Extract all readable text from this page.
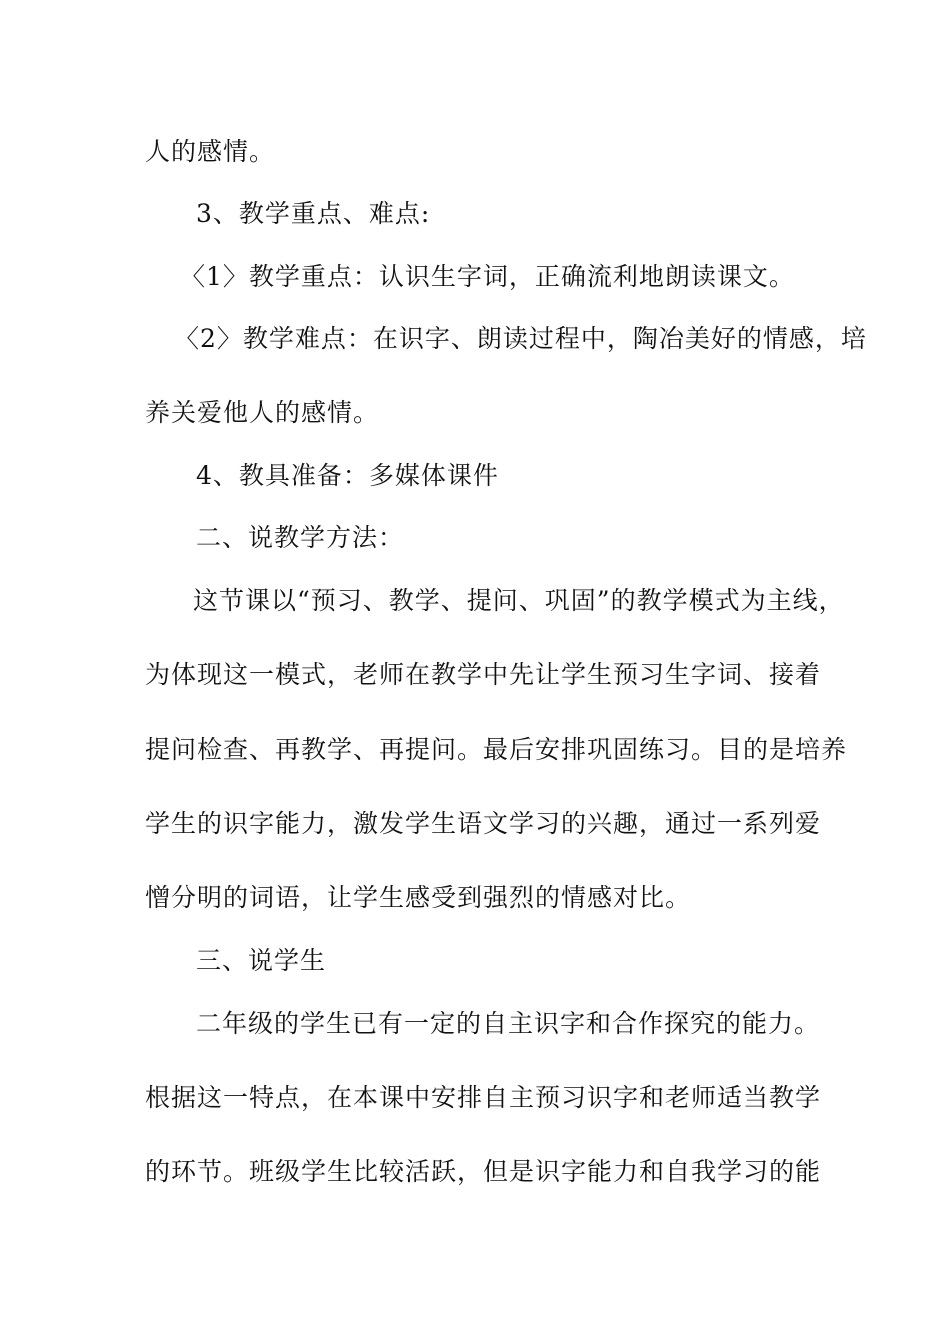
人的感情。
3、教学重点、难点:
〈1〉教学重点：认识生字词，正确流利地朗读课文。
〈2〉教学难点：在识字、朗读过程中，陶冶美好的情感，培
养关爱他人的感情。
4、教具准备：多媒体课件
二、说教学方法：
这节课以“预习、教学、提问、巩固”的教学模式为主线，
为体现这一模式，老师在教学中先让学生预习生字词、接着
提问检查、再教学、再提问。最后安排巩固练习。目的是培养
学生的识字能力，激发学生语文学习的兴趣，通过一系列爱
憎分明的词语，让学生感受到强烈的情感对比。
三、说学生
二年级的学生已有一定的自主识字和合作探究的能力。
根据这一特点，在本课中安排自主预习识字和老师适当教学
的环节。班级学生比较活跃，但是识字能力和自我学习的能
